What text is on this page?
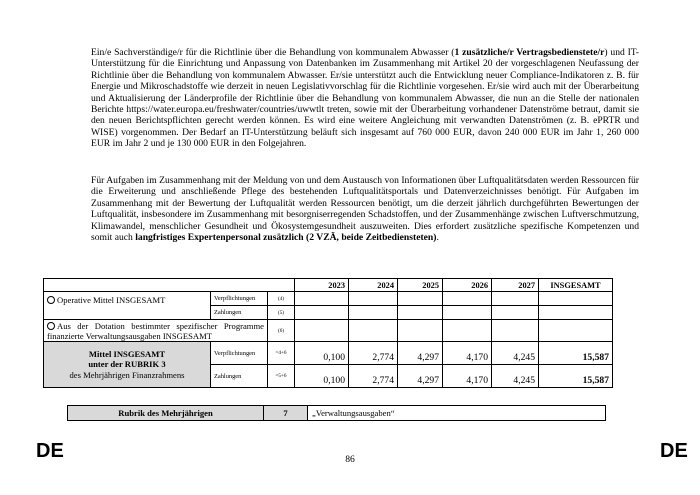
Ein/e Sachverständige/r für die Richtlinie über die Behandlung von kommunalem Abwasser (1 zusätzliche/r Vertragsbedienstete/r) und IT-Unterstützung für die Einrichtung und Anpassung von Datenbanken im Zusammenhang mit Artikel 20 der vorgeschlagenen Neufassung der Richtlinie über die Behandlung von kommunalem Abwasser. Er/sie unterstützt auch die Entwicklung neuer Compliance-Indikatoren z. B. für Energie und Mikroschadstoffe wie derzeit in neuen Legislativvorschlag für die Richtlinie vorgesehen. Er/sie wird auch mit der Überarbeitung und Aktualisierung der Länderprofile der Richtlinie über die Behandlung von kommunalem Abwasser, die nun an die Stelle der nationalen Berichte https://water.europa.eu/freshwater/countries/uwwtlt treten, sowie mit der Überarbeitung vorhandener Datenströme betraut, damit sie den neuen Berichtspflichten gerecht werden können. Es wird eine weitere Angleichung mit verwandten Datenströmen (z. B. ePRTR und WISE) vorgenommen. Der Bedarf an IT-Unterstützung beläuft sich insgesamt auf 760 000 EUR, davon 240 000 EUR im Jahr 1, 260 000 EUR im Jahr 2 und je 130 000 EUR in den Folgejahren.

Für Aufgaben im Zusammenhang mit der Meldung von und dem Austausch von Informationen über Luftqualitätsdaten werden Ressourcen für die Erweiterung und anschließende Pflege des bestehenden Luftqualitätsportals und Datenverzeichnisses benötigt. Für Aufgaben im Zusammenhang mit der Bewertung der Luftqualität werden Ressourcen benötigt, um die derzeit jährlich durchgeführten Bewertungen der Luftqualität, insbesondere im Zusammenhang mit besorgniserregenden Schadstoffen, und der Zusammenhänge zwischen Luftverschmutzung, Klimawandel, menschlicher Gesundheit und Ökosystemgesundheit auszuweiten. Dies erfordert zusätzliche spezifische Kompetenzen und somit auch langfristiges Expertenpersonal zusätzlich (2 VZÄ, beide Zeitbediensteten).

			2023	2024	2025	2026	2027	INSGESAMT
Operative Mittel INSGESAMT	Verpflichtungen	(4)						
	Zahlungen	(5)						
Aus der Dotation bestimmter spezifischer Programme finanzierte Verwaltungsausgaben INSGESAMT		(6)						
Mittel INSGESAMT
unter der RUBRIK 3
des Mehrjährigen Finanzrahmens	Verpflichtungen	=4+6	0,100	2,774	4,297	4,170	4,245	15,587
	Zahlungen	=5+6	0,100	2,774	4,297	4,170	4,245	15,587
Rubrik des Mehrjährigen	7	„Verwaltungsausgaben“
DE	86	DE
